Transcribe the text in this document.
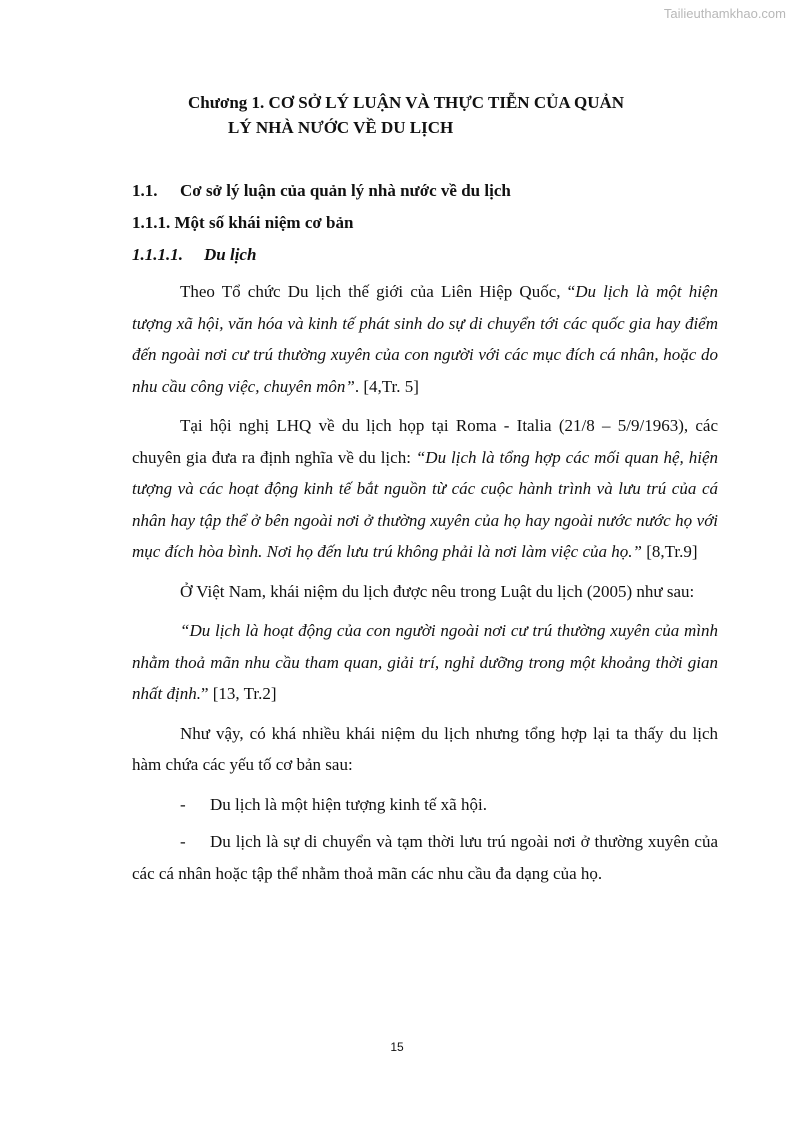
Tailieuthamkhao.com
Chương 1. CƠ SỞ LÝ LUẬN VÀ THỰC TIỄN CỦA QUẢN
LÝ NHÀ NƯỚC VỀ DU LỊCH
1.1. Cơ sở lý luận của quản lý nhà nước về du lịch
1.1.1. Một số khái niệm cơ bản
1.1.1.1. Du lịch

Theo Tổ chức Du lịch thế giới của Liên Hiệp Quốc, “Du lịch là một hiện tượng xã hội, văn hóa và kinh tế phát sinh do sự di chuyển tới các quốc gia hay điểm đến ngoài nơi cư trú thường xuyên của con người với các mục đích cá nhân, hoặc do nhu cầu công việc, chuyên môn”. [4,Tr. 5]

Tại hội nghị LHQ về du lịch họp tại Roma - Italia (21/8 – 5/9/1963), các chuyên gia đưa ra định nghĩa về du lịch: “Du lịch là tổng hợp các mối quan hệ, hiện tượng và các hoạt động kinh tế bắt nguồn từ các cuộc hành trình và lưu trú của cá nhân hay tập thể ở bên ngoài nơi ở thường xuyên của họ hay ngoài nước nước họ với mục đích hòa bình. Nơi họ đến lưu trú không phải là nơi làm việc của họ.” [8,Tr.9]

Ở Việt Nam, khái niệm du lịch được nêu trong Luật du lịch (2005) như sau:

“Du lịch là hoạt động của con người ngoài nơi cư trú thường xuyên của mình nhằm thoả mãn nhu cầu tham quan, giải trí, nghỉ dưỡng trong một khoảng thời gian nhất định.” [13, Tr.2]

Như vậy, có khá nhiều khái niệm du lịch nhưng tổng hợp lại ta thấy du lịch hàm chứa các yếu tố cơ bản sau:

- Du lịch là một hiện tượng kinh tế xã hội.
- Du lịch là sự di chuyển và tạm thời lưu trú ngoài nơi ở thường xuyên của các cá nhân hoặc tập thể nhằm thoả mãn các nhu cầu đa dạng của họ.
15
